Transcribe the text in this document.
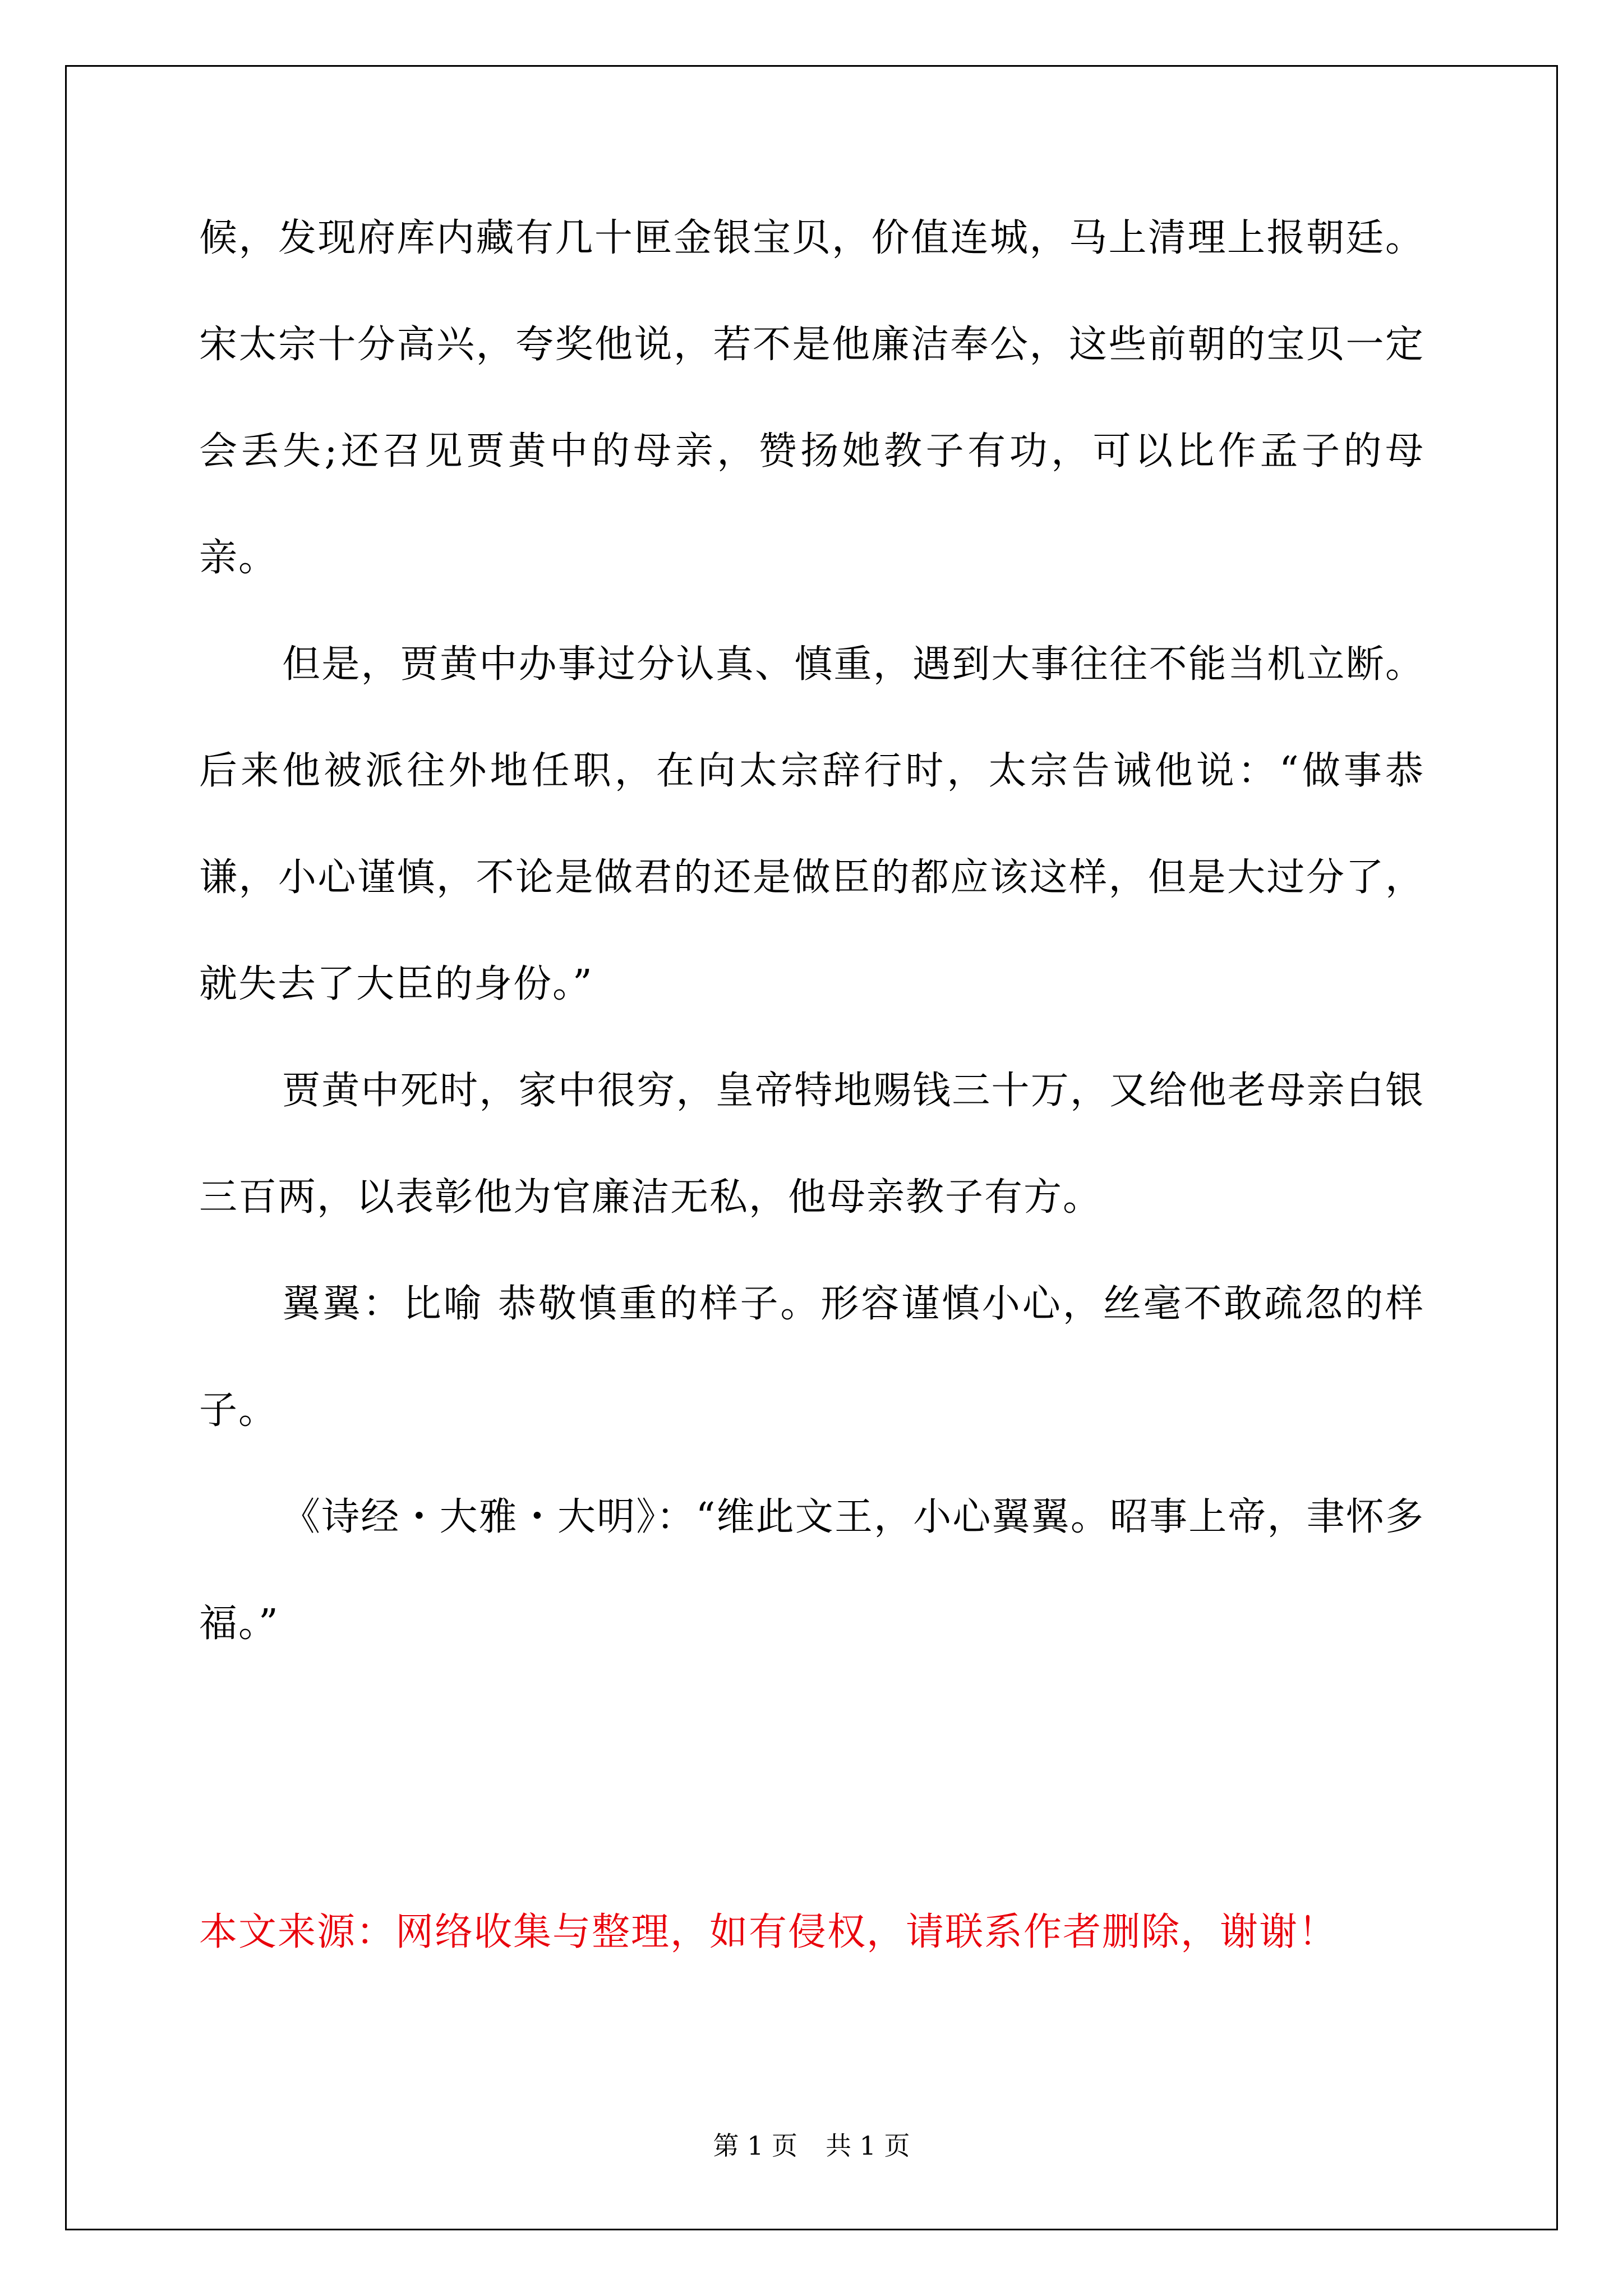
候，发现府库内藏有几十匣金银宝贝，价值连城，马上清理上报朝廷。宋太宗十分高兴，夸奖他说，若不是他廉洁奉公，这些前朝的宝贝一定会丢失;还召见贾黄中的母亲，赞扬她教子有功，可以比作孟子的母亲。

但是，贾黄中办事过分认真、慎重，遇到大事往往不能当机立断。后来他被派往外地任职，在向太宗辞行时，太宗告诫他说：“做事恭谦，小心谨慎，不论是做君的还是做臣的都应该这样，但是大过分了，就失去了大臣的身份。”

贾黄中死时，家中很穷，皇帝特地赐钱三十万，又给他老母亲白银三百两，以表彰他为官廉洁无私，他母亲教子有方。

翼翼：比喻 恭敬慎重的样子。形容谨慎小心，丝毫不敢疏忽的样子。

《诗经・大雅・大明》：“维此文王，小心翼翼。昭事上帝，聿怀多福。”

本文来源：网络收集与整理，如有侵权，请联系作者删除，谢谢！

第 1 页 共 1 页
